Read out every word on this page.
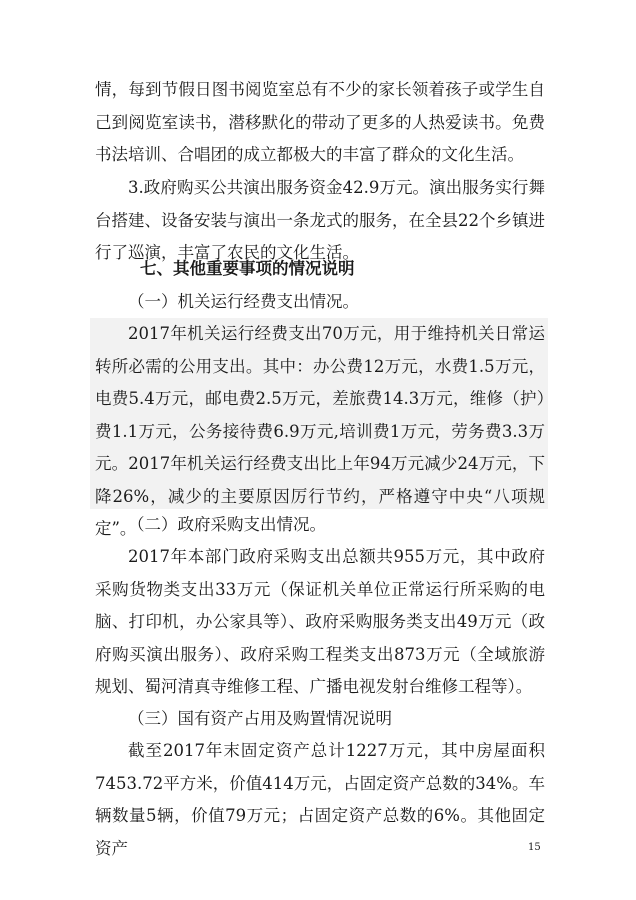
情，每到节假日图书阅览室总有不少的家长领着孩子或学生自己到阅览室读书，潜移默化的带动了更多的人热爱读书。免费书法培训、合唱团的成立都极大的丰富了群众的文化生活。

3.政府购买公共演出服务资金42.9万元。演出服务实行舞台搭建、设备安装与演出一条龙式的服务，在全县22个乡镇进行了巡演，丰富了农民的文化生活。

七、其他重要事项的情况说明

（一）机关运行经费支出情况。

2017年机关运行经费支出70万元，用于维持机关日常运转所必需的公用支出。其中：办公费12万元，水费1.5万元，电费5.4万元，邮电费2.5万元，差旅费14.3万元，维修（护）费1.1万元，公务接待费6.9万元,培训费1万元，劳务费3.3万元。2017年机关运行经费支出比上年94万元减少24万元，下降26%，减少的主要原因厉行节约，严格遵守中央“八项规定”。

（二）政府采购支出情况。

2017年本部门政府采购支出总额共955万元，其中政府采购货物类支出33万元（保证机关单位正常运行所采购的电脑、打印机，办公家具等）、政府采购服务类支出49万元（政府购买演出服务）、政府采购工程类支出873万元（全域旅游规划、蜀河清真寺维修工程、广播电视发射台维修工程等）。

（三）国有资产占用及购置情况说明

截至2017年末固定资产总计1227万元，其中房屋面积7453.72平方米，价值414万元，占固定资产总数的34%。车辆数量5辆，价值79万元；占固定资产总数的6%。其他固定资产	15
